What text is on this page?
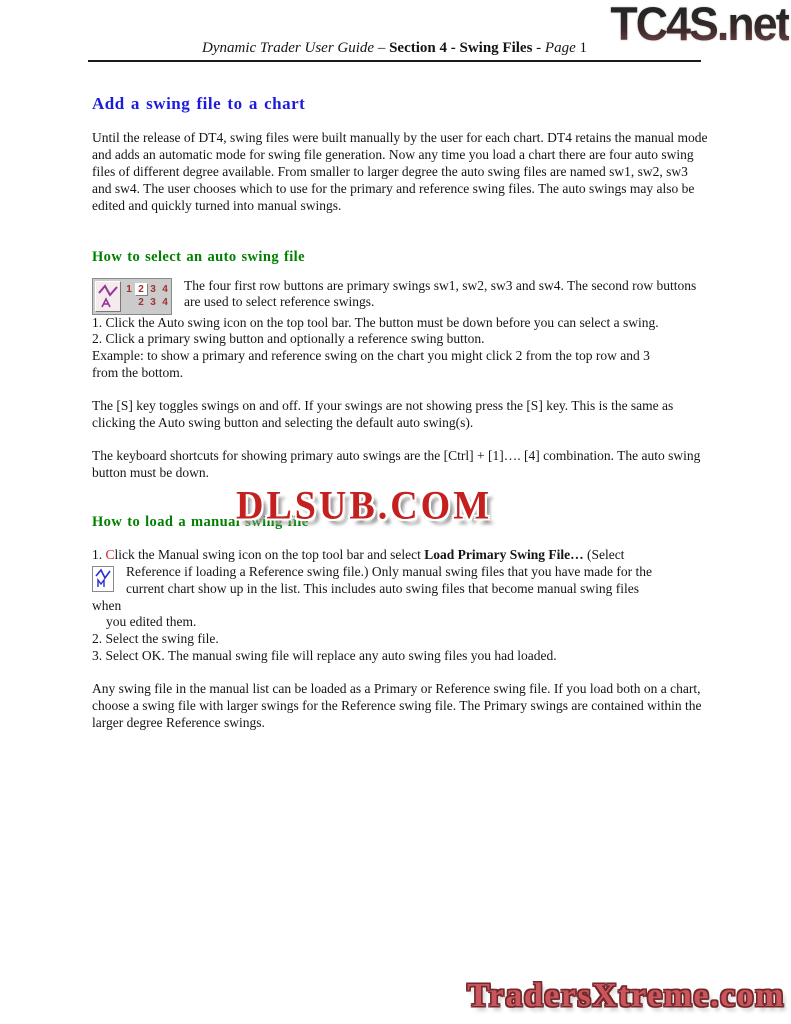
TC4S.net
Dynamic Trader User Guide – Section 4 - Swing Files - Page 1
DLSUB.COM
TradersXtreme.com
Add a swing file to a chart
Until the release of DT4, swing files were built manually by the user for each chart. DT4 retains the manual mode and adds an automatic mode for swing file generation. Now any time you load a chart there are four auto swing files of different degree available. From smaller to larger degree the auto swing files are named sw1, sw2, sw3 and sw4. The user chooses which to use for the primary and reference swing files. The auto swings may also be edited and quickly turned into manual swings.
How to select an auto swing file
1 2 3 4
2 3 4
The four first row buttons are primary swings sw1, sw2, sw3 and sw4. The second row buttons are used to select reference swings.
1. Click the Auto swing icon on the top tool bar. The button must be down before you can select a swing.
2. Click a primary swing button and optionally a reference swing button.
Example: to show a primary and reference swing on the chart you might click 2 from the top row and 3
from the bottom.
The [S] key toggles swings on and off. If your swings are not showing press the [S] key. This is the same as clicking the Auto swing button and selecting the default auto swing(s).
The keyboard shortcuts for showing primary auto swings are the [Ctrl] + [1]…. [4] combination. The auto swing button must be down.
How to load a manual swing file
1. Click the Manual swing icon on the top tool bar and select Load Primary Swing File… (Select
Reference if loading a Reference swing file.) Only manual swing files that you have made for the
current chart show up in the list. This includes auto swing files that become manual swing files
when
you edited them.
2. Select the swing file.
3. Select OK. The manual swing file will replace any auto swing files you had loaded.
Any swing file in the manual list can be loaded as a Primary or Reference swing file. If you load both on a chart, choose a swing file with larger swings for the Reference swing file. The Primary swings are contained within the larger degree Reference swings.
